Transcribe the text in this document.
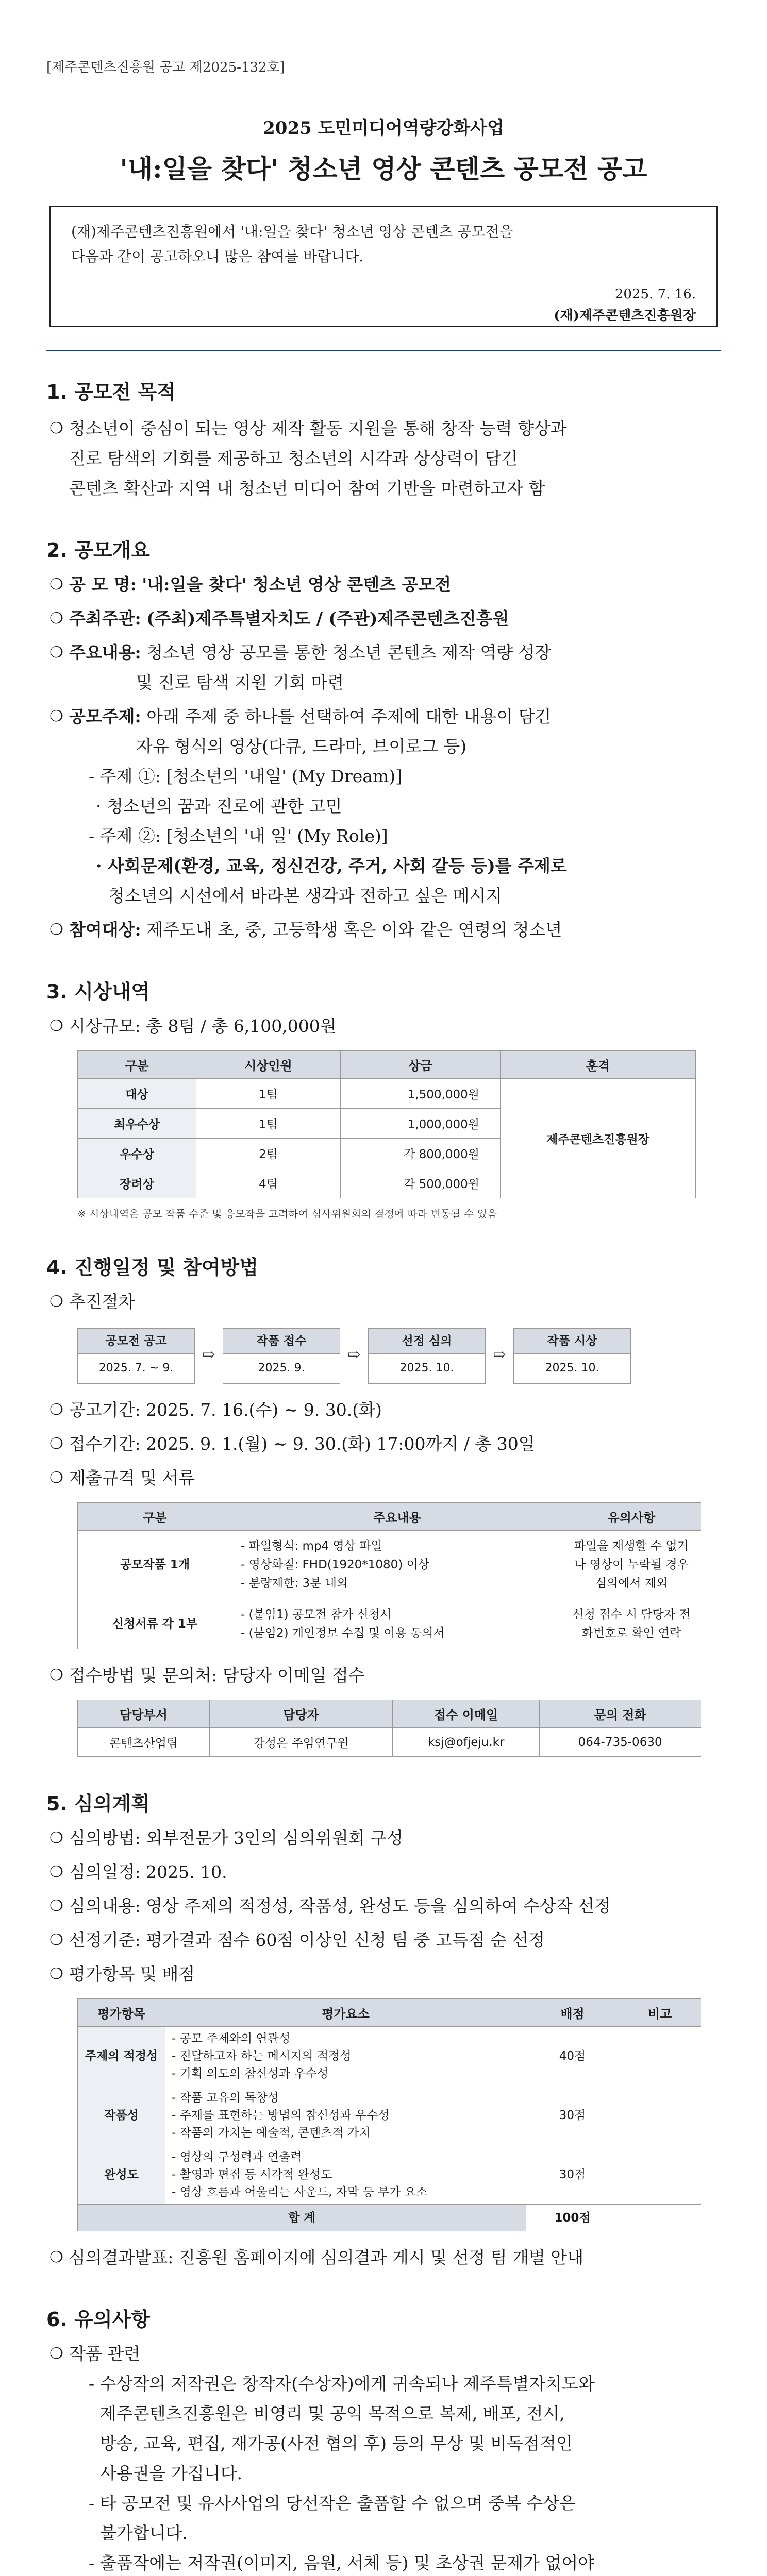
[제주콘텐츠진흥원 공고 제2025-132호]
2025 도민미디어역량강화사업
'내:일을 찾다' 청소년 영상 콘텐츠 공모전 공고
(재)제주콘텐츠진흥원에서 '내:일을 찾다' 청소년 영상 콘텐츠 공모전을
다음과 같이 공고하오니 많은 참여를 바랍니다.
2025. 7. 16.
(재)제주콘텐츠진흥원장
1. 공모전 목적
❍ 청소년이 중심이 되는 영상 제작 활동 지원을 통해 창작 능력 향상과
진로 탐색의 기회를 제공하고 청소년의 시각과 상상력이 담긴
콘텐츠 확산과 지역 내 청소년 미디어 참여 기반을 마련하고자 함
2. 공모개요
❍ 공 모 명: '내:일을 찾다' 청소년 영상 콘텐츠 공모전
❍ 주최주관: (주최)제주특별자치도 / (주관)제주콘텐츠진흥원
❍ 주요내용: 청소년 영상 공모를 통한 청소년 콘텐츠 제작 역량 성장
및 진로 탐색 지원 기회 마련
❍ 공모주제: 아래 주제 중 하나를 선택하여 주제에 대한 내용이 담긴
자유 형식의 영상(다큐, 드라마, 브이로그 등)
- 주제 ①: [청소년의 '내일' (My Dream)]
· 청소년의 꿈과 진로에 관한 고민
- 주제 ②: [청소년의 '내 일' (My Role)]
· 사회문제(환경, 교육, 정신건강, 주거, 사회 갈등 등)를 주제로
청소년의 시선에서 바라본 생각과 전하고 싶은 메시지
❍ 참여대상: 제주도내 초, 중, 고등학생 혹은 이와 같은 연령의 청소년
3. 시상내역
❍ 시상규모: 총 8팀 / 총 6,100,000원
구분	시상인원	상금	훈격
대상	1팀	1,500,000원	제주콘텐츠진흥원장
최우수상	1팀	1,000,000원	
우수상	2팀	각 800,000원	
장려상	4팀	각 500,000원	
※ 시상내역은 공모 작품 수준 및 응모작을 고려하여 심사위원회의 결정에 따라 변동될 수 있음
4. 진행일정 및 참여방법
❍ 추진절차
공모전 공고
2025. 7. ~ 9.
⇨
작품 접수
2025. 9.
⇨
선정 심의
2025. 10.
⇨
작품 시상
2025. 10.
❍ 공고기간: 2025. 7. 16.(수) ~ 9. 30.(화)
❍ 접수기간: 2025. 9. 1.(월) ~ 9. 30.(화) 17:00까지 / 총 30일
❍ 제출규격 및 서류
구분	주요내용	유의사항
공모작품 1개	- 파일형식: mp4 영상 파일
- 영상화질: FHD(1920*1080) 이상
- 분량제한: 3분 내외	파일을 재생할 수 없거나 영상이 누락될 경우 심의에서 제외
신청서류 각 1부	- (붙임1) 공모전 참가 신청서
- (붙임2) 개인정보 수집 및 이용 동의서	신청 접수 시 담당자 전화번호로 확인 연락
❍ 접수방법 및 문의처: 담당자 이메일 접수
담당부서	담당자	접수 이메일	문의 전화
콘텐츠산업팀	강성은 주임연구원	ksj@ofjeju.kr	064-735-0630
5. 심의계획
❍ 심의방법: 외부전문가 3인의 심의위원회 구성
❍ 심의일정: 2025. 10.
❍ 심의내용: 영상 주제의 적정성, 작품성, 완성도 등을 심의하여 수상작 선정
❍ 선정기준: 평가결과 점수 60점 이상인 신청 팀 중 고득점 순 선정
❍ 평가항목 및 배점
평가항목	평가요소	배점	비고
주제의 적정성	- 공모 주제와의 연관성
- 전달하고자 하는 메시지의 적정성
- 기획 의도의 참신성과 우수성	40점	
작품성	- 작품 고유의 독창성
- 주제를 표현하는 방법의 참신성과 우수성
- 작품의 가치는 예술적, 콘텐츠적 가치	30점	
완성도	- 영상의 구성력과 연출력
- 촬영과 편집 등 시각적 완성도
- 영상 흐름과 어울리는 사운드, 자막 등 부가 요소	30점	
합 계		100점	
❍ 심의결과발표: 진흥원 홈페이지에 심의결과 게시 및 선정 팀 개별 안내
6. 유의사항
❍ 작품 관련
- 수상작의 저작권은 창작자(수상자)에게 귀속되나 제주특별자치도와
제주콘텐츠진흥원은 비영리 및 공익 목적으로 복제, 배포, 전시,
방송, 교육, 편집, 재가공(사전 협의 후) 등의 무상 및 비독점적인
사용권을 가집니다.
- 타 공모전 및 유사사업의 당선작은 출품할 수 없으며 중복 수상은
불가합니다.
- 출품작에는 저작권(이미지, 음원, 서체 등) 및 초상권 문제가 없어야
